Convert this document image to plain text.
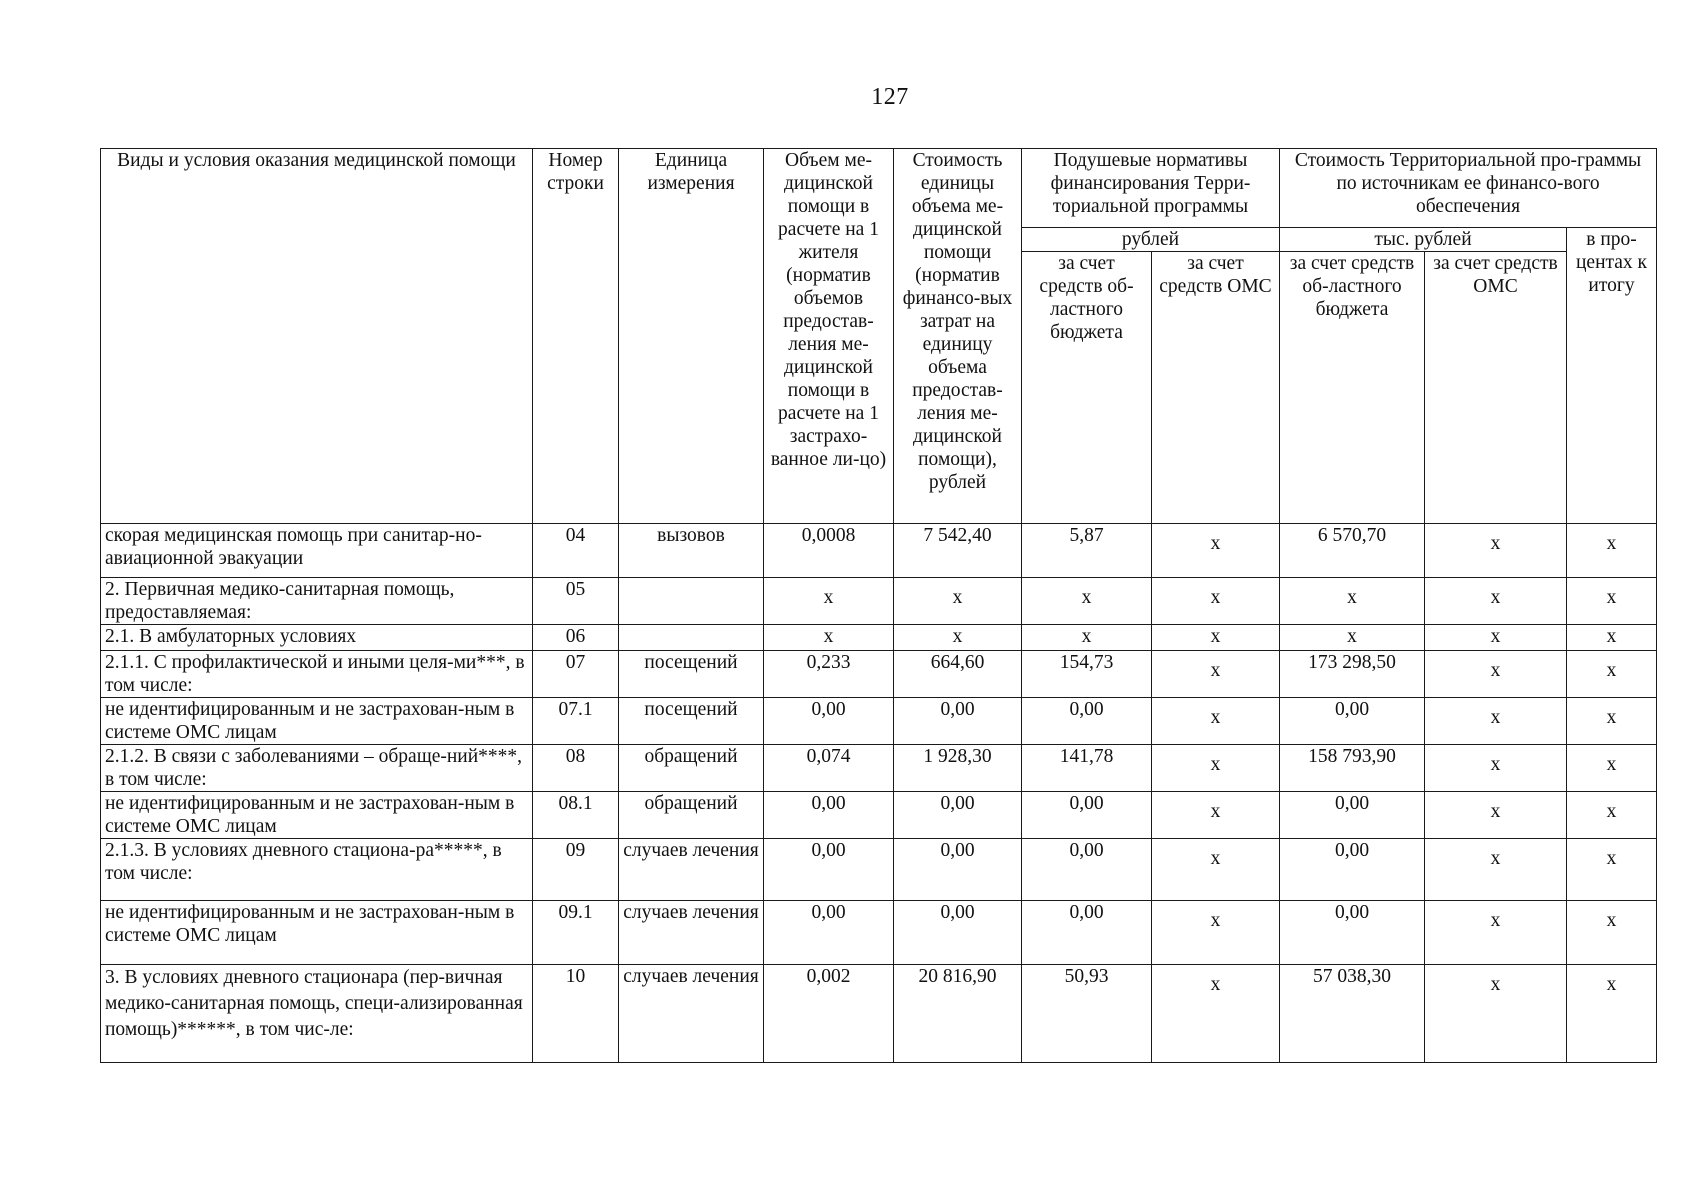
127
Виды и условия оказания медицинской помощи	Номер строки	Единица измерения	Объем ме-дицинской помощи в расчете на 1 жителя (норматив объемов предостав-ления ме-дицинской помощи в расчете на 1 застрахо-ванное ли-цо)	Стоимость единицы объема ме-дицинской помощи (норматив финансо-вых затрат на единицу объема предостав-ления ме-дицинской помощи), рублей	Подушевые нормативы финансирования Терри-ториальной программы		Стоимость Территориальной про-граммы по источникам ее финансо-вого обеспечения		
					рублей		тыс. рублей		в про-центах к итогу
					за счет средств об-ластного бюджета	за счет средств ОМС	за счет средств об-ластного бюджета	за счет средств ОМС	
скорая медицинская помощь при санитар-но-авиационной эвакуации	04	вызовов	0,0008	7 542,40	5,87	x	6 570,70	x	x
2. Первичная медико-санитарная помощь, предоставляемая:	05		x	x	x	x	x	x	x
2.1. В амбулаторных условиях	06		x	x	x	x	x	x	x
2.1.1. С профилактической и иными целя-ми***, в том числе:	07	посещений	0,233	664,60	154,73	x	173 298,50	x	x
не идентифицированным и не застрахован-ным в системе ОМС лицам	07.1	посещений	0,00	0,00	0,00	x	0,00	x	x
2.1.2. В связи с заболеваниями – обраще-ний****, в том числе:	08	обращений	0,074	1 928,30	141,78	x	158 793,90	x	x
не идентифицированным и не застрахован-ным в системе ОМС лицам	08.1	обращений	0,00	0,00	0,00	x	0,00	x	x
2.1.3. В условиях дневного стациона-ра*****, в том числе:	09	случаев лечения	0,00	0,00	0,00	x	0,00	x	x
не идентифицированным и не застрахован-ным в системе ОМС лицам	09.1	случаев лечения	0,00	0,00	0,00	x	0,00	x	x
3. В условиях дневного стационара (пер-вичная медико-санитарная помощь, специ-ализированная помощь)******, в том чис-ле:	10	случаев лечения	0,002	20 816,90	50,93	x	57 038,30	x	x
